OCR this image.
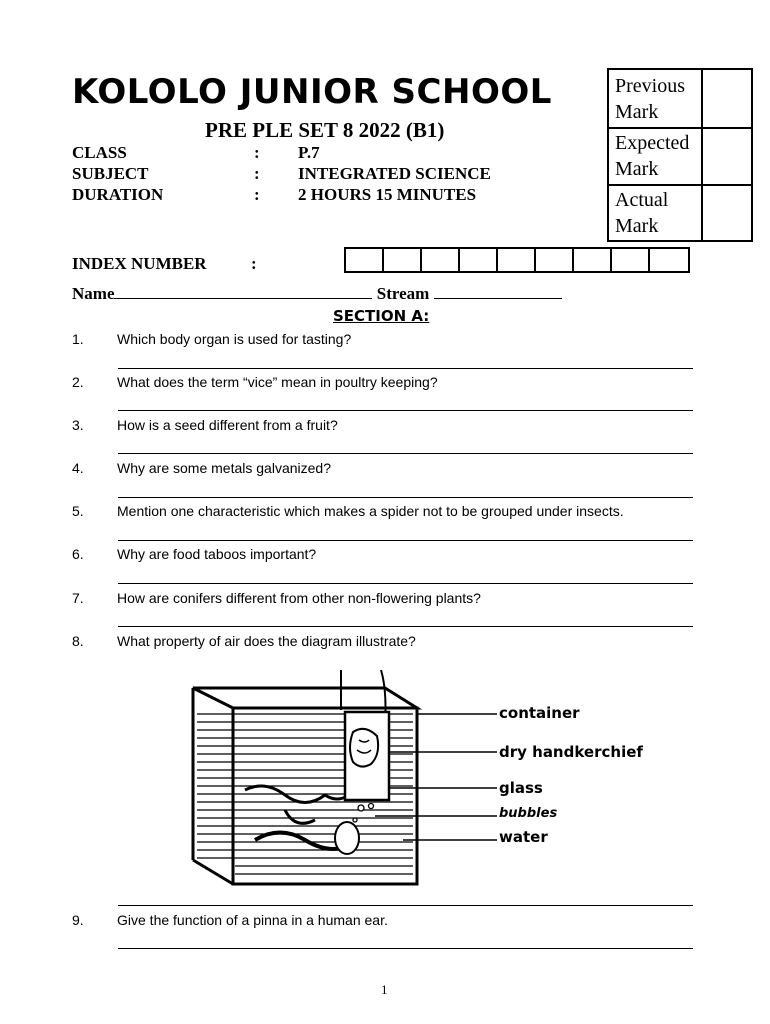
KOLOLO JUNIOR SCHOOL
PRE PLE SET 8 2022 (B1)
CLASS	: P.7
SUBJECT	: INTEGRATED SCIENCE
DURATION	: 2 HOURS 15 MINUTES
Previous Mark
Expected Mark
Actual Mark
INDEX NUMBER	:
Name	Stream
SECTION A:
1. Which body organ is used for tasting?
2. What does the term “vice” mean in poultry keeping?
3. How is a seed different from a fruit?
4. Why are some metals galvanized?
5. Mention one characteristic which makes a spider not to be grouped under insects.
6. Why are food taboos important?
7. How are conifers different from other non-flowering plants?
8. What property of air does the diagram illustrate?
container
dry handkerchief
glass
bubbles
water
9. Give the function of a pinna in a human ear.
1
